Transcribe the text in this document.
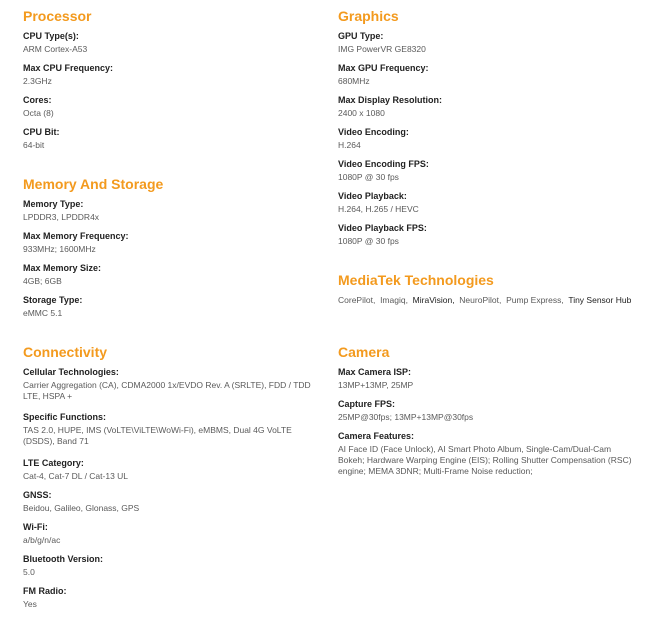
Processor

CPU Type(s):

ARM Cortex-A53

Max CPU Frequency:

2.3GHz

Cores:

Octa (8)

CPU Bit:

64-bit

Memory And Storage

Memory Type:

LPDDR3, LPDDR4x

Max Memory Frequency:

933MHz; 1600MHz

Max Memory Size:

4GB; 6GB

Storage Type:

eMMC 5.1

Connectivity

Cellular Technologies:

Carrier Aggregation (CA), CDMA2000 1x/EVDO Rev. A (SRLTE), FDD / TDD LTE, HSPA +

Specific Functions:

TAS 2.0, HUPE, IMS (VoLTE\ViLTE\WoWi-Fi), eMBMS, Dual 4G VoLTE (DSDS), Band 71

LTE Category:

Cat-4, Cat-7 DL / Cat-13 UL

GNSS:

Beidou, Galileo, Glonass, GPS

Wi-Fi:

a/b/g/n/ac

Bluetooth Version:

5.0

FM Radio:

Yes

Graphics

GPU Type:

IMG PowerVR GE8320

Max GPU Frequency:

680MHz

Max Display Resolution:

2400 x 1080

Video Encoding:

H.264

Video Encoding FPS:

1080P @ 30 fps

Video Playback:

H.264, H.265 / HEVC

Video Playback FPS:

1080P @ 30 fps

MediaTek Technologies

CorePilot, Imagiq, MiraVision, NeuroPilot, Pump Express, Tiny Sensor Hub

Camera

Max Camera ISP:

13MP+13MP, 25MP

Capture FPS:

25MP@30fps; 13MP+13MP@30fps

Camera Features:

AI Face ID (Face Unlock), AI Smart Photo Album, Single-Cam/Dual-Cam Bokeh; Hardware Warping Engine (EIS); Rolling Shutter Compensation (RSC) engine; MEMA 3DNR; Multi-Frame Noise reduction;
